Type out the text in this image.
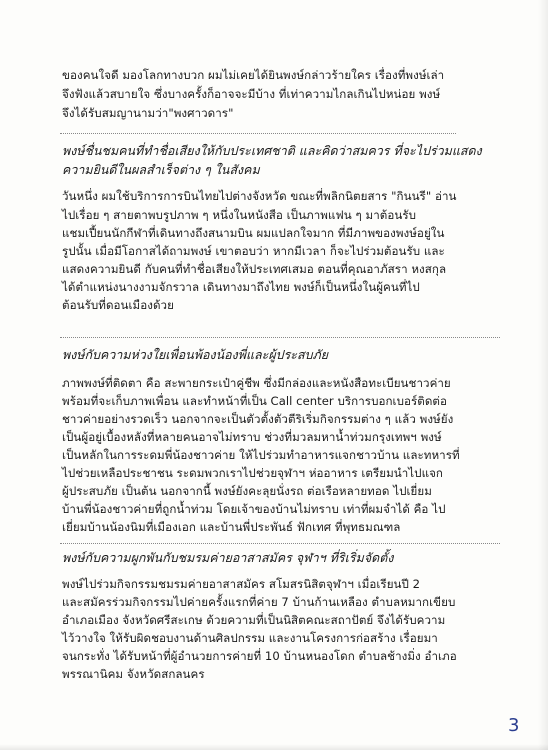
ของคนใจดี มองโลกทางบวก ผมไม่เคยได้ยินพงษ์กล่าวร้ายใคร เรื่องที่พงษ์เล่า
จึงฟังแล้วสบายใจ ซึ่งบางครั้งก็อาจจะมีบ้าง ที่เท่าความไกลเกินไปหน่อย พงษ์
จึงได้รับสมญานามว่า"พงศาวดาร"
พงษ์ชื่นชมคนที่ทำชื่อเสียงให้กับประเทศชาติ และคิดว่าสมควร ที่จะไปร่วมแสดง
ความยินดีในผลสำเร็จต่าง ๆ ในสังคม
วันหนึ่ง ผมใช้บริการการบินไทยไปต่างจังหวัด ขณะที่พลิกนิตยสาร "กินนรี" อ่าน
ไปเรื่อย ๆ สายตาพบรูปภาพ ๆ หนึ่งในหนังสือ เป็นภาพแฟน ๆ มาต้อนรับ
แชมเปี้ยนนักกีฬาที่เดินทางถึงสนามบิน ผมแปลกใจมาก ที่มีภาพของพงษ์อยู่ใน
รูปนั้น เมื่อมีโอกาสได้ถามพงษ์ เขาตอบว่า หากมีเวลา ก็จะไปร่วมต้อนรับ และ
แสดงความยินดี กับคนที่ทำชื่อเสียงให้ประเทศเสมอ ตอนที่คุณอาภัสรา หงสกุล
ได้ตำแหน่งนางงามจักรวาล เดินทางมาถึงไทย พงษ์ก็เป็นหนึ่งในผู้คนที่ไป
ต้อนรับที่ดอนเมืองด้วย
พงษ์กับความห่วงใยเพื่อนพ้องน้องพี่และผู้ประสบภัย
ภาพพงษ์ที่ติดตา คือ สะพายกระเป๋าคู่ชีพ ซึ่งมีกล่องและหนังสือทะเบียนชาวค่าย
พร้อมที่จะเก็บภาพเพื่อน และทำหน้าที่เป็น Call center บริการบอกเบอร์ติดต่อ
ชาวค่ายอย่างรวดเร็ว นอกจากจะเป็นตัวตั้งตัวตีริเริ่มกิจกรรมต่าง ๆ แล้ว พงษ์ยัง
เป็นผู้อยู่เบื้องหลังที่หลายคนอาจไม่ทราบ ช่วงที่มวลมหาน้ำท่วมกรุงเทพฯ พงษ์
เป็นหลักในการระดมพี่น้องชาวค่าย ให้ไปร่วมทำอาหารแจกชาวบ้าน และทหารที่
ไปช่วยเหลือประชาชน ระดมพวกเราไปช่วยจุฬาฯ ห่ออาหาร เตรียมนำไปแจก
ผู้ประสบภัย เป็นต้น นอกจากนี้ พงษ์ยังคะลุยนั่งรถ ต่อเรือหลายทอด ไปเยี่ยม
บ้านพี่น้องชาวค่ายที่ถูกน้ำท่วม โดยเจ้าของบ้านไม่ทราบ เท่าที่ผมจำได้ คือ ไป
เยี่ยมบ้านน้องนิมที่เมืองเอก และบ้านพี่ประพันธ์ ฟักเทศ ที่พุทธมณฑล
พงษ์กับความผูกพันกับชมรมค่ายอาสาสมัคร จุฬาฯ ที่ริเริ่มจัดตั้ง
พงษ์ไปร่วมกิจกรรมชมรมค่ายอาสาสมัคร สโมสรนิสิตจุฬาฯ เมื่อเรียนปี 2
และสมัครร่วมกิจกรรมไปค่ายครั้งแรกที่ค่าย 7 บ้านก้านเหลือง ตำบลหมากเขียบ
อำเภอเมือง จังหวัดศรีสะเกษ ด้วยความที่เป็นนิสิตคณะสถาปัตย์ จึงได้รับความ
ไว้วางใจ ให้รับผิดชอบงานด้านศิลปกรรม และงานโครงการก่อสร้าง เรื่อยมา
จนกระทั่ง ได้รับหน้าที่ผู้อำนวยการค่ายที่ 10 บ้านหนองโดก ตำบลช้างมิ่ง อำเภอ
พรรณานิคม จังหวัดสกลนคร
3
